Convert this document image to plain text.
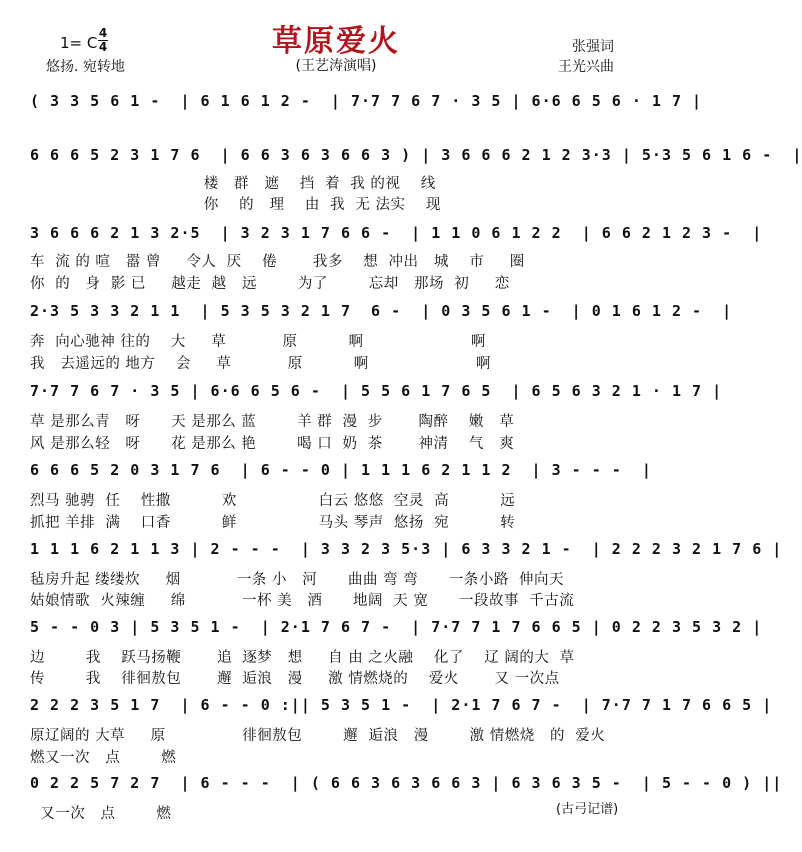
草原爱火
(王艺涛演唱)
1= C
4
4
悠扬. 宛转地
张强词
王光兴曲
( 3 3 5 6 1 -  | 6 1 6 1 2 -  | 7·7 7 6 7 · 3 5 | 6·6 6 5 6 · 1 7 |
6 6 6 5 2 3 1 7 6  | 6 6 3 6 3 6 6 3 ) | 3 6 6 6 2 1 2 3·3 | 5·3 5 6 1 6 -  |
楼   群   遮    挡  着  我 的视    线
你    的   理    由  我  无 法实    现
3 6 6 6 2 1 3 2·5  | 3 2 3 1 7 6 6 -  | 1 1 0 6 1 2 2  | 6 6 2 1 2 3 -  |
车  流 的 喧   嚣 曾     令人  厌    倦       我多    想  冲出   城    市     圈
你  的   身  影 已     越走  越   远        为了        忘却   那场  初     恋
2·3 5 3 3 2 1 1  | 5 3 5 3 2 1 7  6 -  | 0 3 5 6 1 -  | 0 1 6 1 2 -  |
奔  向心驰神 往的    大     草           原          啊                     啊
我   去遥远的 地方    会     草           原          啊                     啊
7·7 7 6 7 · 3 5 | 6·6 6 5 6 -  | 5 5 6 1 7 6 5  | 6 5 6 3 2 1 · 1 7 |
草 是那么青   呀      天 是那么 蓝        羊 群  漫  步       陶醉    嫩   草
风 是那么轻   呀      花 是那么 艳        喝 口  奶  茶       神清    气   爽
6 6 6 5 2 0 3 1 7 6  | 6 - - 0 | 1 1 1 6 2 1 1 2  | 3 - - -  |
烈马 驰骋  任    性撒          欢                白云 悠悠  空灵  高          远
抓把 羊排  满    口香          鲜                马头 琴声  悠扬  宛          转
1 1 1 6 2 1 1 3 | 2 - - -  | 3 3 2 3 5·3 | 6 3 3 2 1 -  | 2 2 2 3 2 1 7 6 |
毡房升起 缕缕炊     烟           一条 小   河      曲曲 弯 弯      一条小路  伸向天
姑娘情歌  火辣缠     绵           一杯 美   酒      地阔  天 宽      一段故事  千古流
5 - - 0 3 | 5 3 5 1 -  | 2·1 7 6 7 -  | 7·7 7 1 7 6 6 5 | 0 2 2 3 5 3 2 |
边        我    跃马扬鞭       追  逐梦   想     自 由 之火融    化了    辽 阔的大  草
传        我    徘徊敖包       邂  逅浪   漫     激 情燃烧的    爱火       又 一次点
2 2 2 3 5 1 7  | 6 - - 0 :|| 5 3 5 1 -  | 2·1 7 6 7 -  | 7·7 7 1 7 6 6 5 |
原辽阔的 大草     原               徘徊敖包        邂  逅浪   漫        激 情燃烧   的  爱火
燃又一次   点        燃
0 2 2 5 7 2 7  | 6 - - -  | ( 6 6 3 6 3 6 6 3 | 6 3 6 3 5 -  | 5 - - 0 ) ||
又一次   点        燃	(古弓记谱)
